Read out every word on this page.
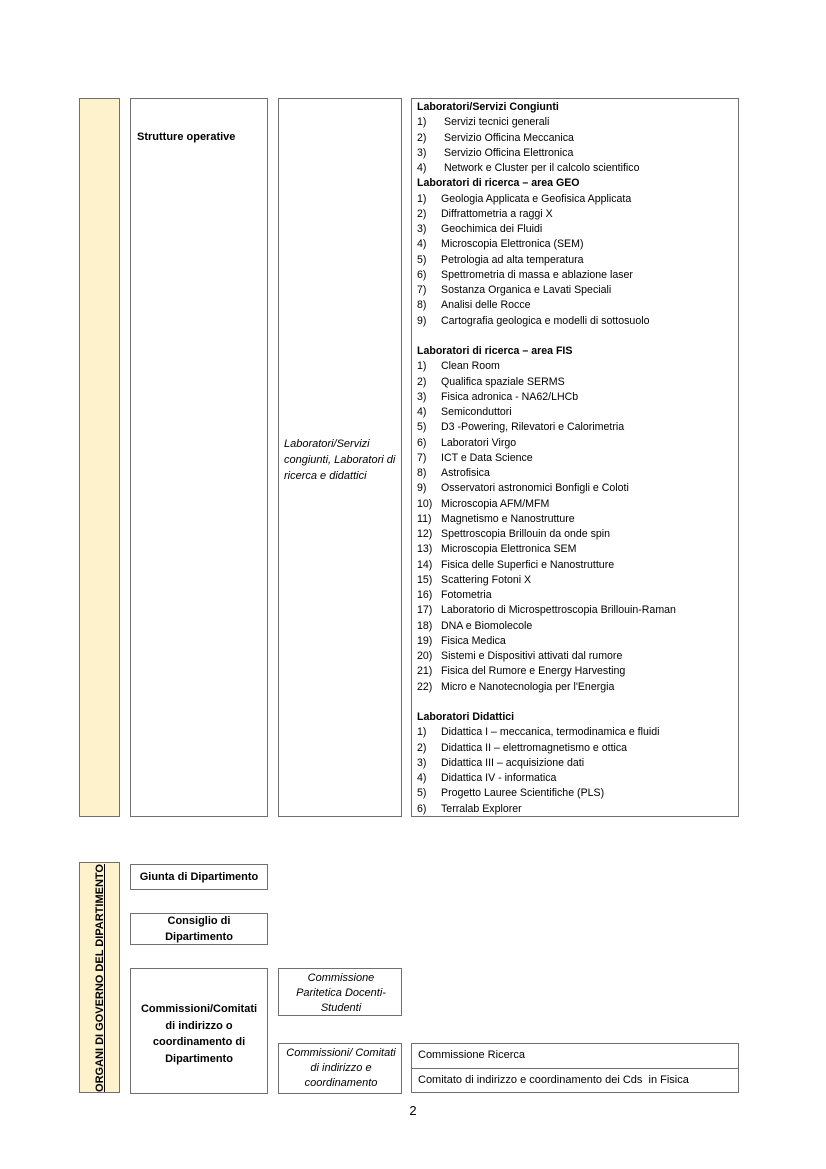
Strutture operative
Laboratori/Servizi congiunti, Laboratori di ricerca e didattici
Laboratori/Servizi Congiunti
1) Servizi tecnici generali
2) Servizio Officina Meccanica
3) Servizio Officina Elettronica
4) Network e Cluster per il calcolo scientifico
Laboratori di ricerca – area GEO
1) Geologia Applicata e Geofisica Applicata
2) Diffrattometria a raggi X
3) Geochimica dei Fluidi
4) Microscopia Elettronica (SEM)
5) Petrologia ad alta temperatura
6) Spettrometria di massa e ablazione laser
7) Sostanza Organica e Lavati Speciali
8) Analisi delle Rocce
9) Cartografia geologica e modelli di sottosuolo
Laboratori di ricerca – area FIS
1) Clean Room
2) Qualifica spaziale SERMS
3) Fisica adronica - NA62/LHCb
4) Semiconduttori
5) D3 -Powering, Rilevatori e Calorimetria
6) Laboratori Virgo
7) ICT e Data Science
8) Astrofisica
9) Osservatori astronomici Bonfigli e Coloti
10) Microscopia AFM/MFM
11) Magnetismo e Nanostrutture
12) Spettroscopia Brillouin da onde spin
13) Microscopia Elettronica SEM
14) Fisica delle Superfici e Nanostrutture
15) Scattering Fotoni X
16) Fotometria
17) Laboratorio di Microspettroscopia Brillouin-Raman
18) DNA e Biomolecole
19) Fisica Medica
20) Sistemi e Dispositivi attivati dal rumore
21) Fisica del Rumore e Energy Harvesting
22) Micro e Nanotecnologia per l'Energia
Laboratori Didattici
1) Didattica I – meccanica, termodinamica e fluidi
2) Didattica II – elettromagnetismo e ottica
3) Didattica III – acquisizione dati
4) Didattica IV - informatica
5) Progetto Lauree Scientifiche (PLS)
6) Terralab Explorer
ORGANI DI GOVERNO DEL DIPARTIMENTO	Giunta di Dipartimento
Consiglio di Dipartimento
Commissioni/Comitati di indirizzo o coordinamento di Dipartimento
Commissione Paritetica Docenti-Studenti
Commissioni/ Comitati di indirizzo e coordinamento
Commissione Ricerca
Comitato di indirizzo e coordinamento dei Cds  in Fisica
2
